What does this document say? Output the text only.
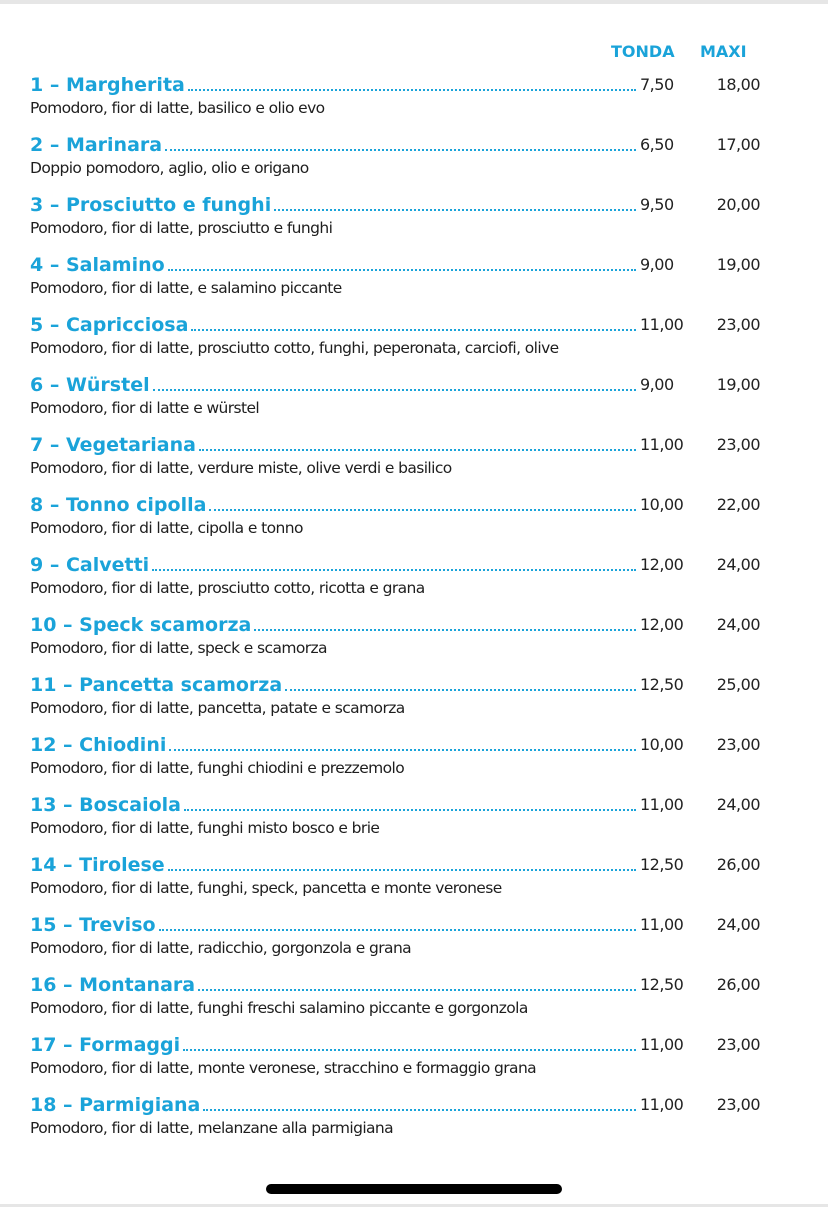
TONDA MAXI
1 – Margherita	7,50	18,00
Pomodoro, fior di latte, basilico e olio evo
2 – Marinara	6,50	17,00
Doppio pomodoro, aglio, olio e origano
3 – Prosciutto e funghi	9,50	20,00
Pomodoro, fior di latte, prosciutto e funghi
4 – Salamino	9,00	19,00
Pomodoro, fior di latte, e salamino piccante
5 – Capricciosa	11,00 23,00
Pomodoro, fior di latte, prosciutto cotto, funghi, peperonata, carciofi, olive
6 – Würstel	9,00	19,00
Pomodoro, fior di latte e würstel
7 – Vegetariana	11,00 23,00
Pomodoro, fior di latte, verdure miste, olive verdi e basilico
8 – Tonno cipolla	10,00 22,00
Pomodoro, fior di latte, cipolla e tonno
9 – Calvetti	12,00 24,00
Pomodoro, fior di latte, prosciutto cotto, ricotta e grana
10 – Speck scamorza	12,00 24,00
Pomodoro, fior di latte, speck e scamorza
11 – Pancetta scamorza	12,50 25,00
Pomodoro, fior di latte, pancetta, patate e scamorza
12 – Chiodini	10,00 23,00
Pomodoro, fior di latte, funghi chiodini e prezzemolo
13 – Boscaiola	11,00 24,00
Pomodoro, fior di latte, funghi misto bosco e brie
14 – Tirolese	12,50 26,00
Pomodoro, fior di latte, funghi, speck, pancetta e monte veronese
15 – Treviso	11,00 24,00
Pomodoro, fior di latte, radicchio, gorgonzola e grana
16 – Montanara	12,50 26,00
Pomodoro, fior di latte, funghi freschi salamino piccante e gorgonzola
17 – Formaggi	11,00 23,00
Pomodoro, fior di latte, monte veronese, stracchino e formaggio grana
18 – Parmigiana	11,00 23,00
Pomodoro, fior di latte, melanzane alla parmigiana
